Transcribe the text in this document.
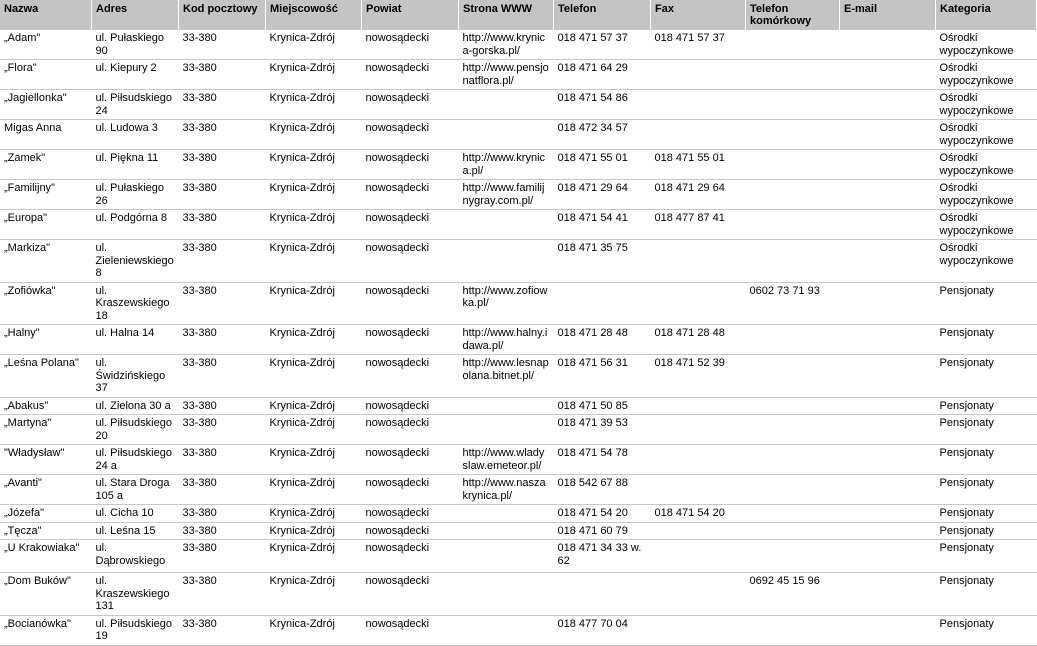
Nazwa	Adres	Kod pocztowy	Miejscowość	Powiat	Strona WWW	Telefon	Fax	Telefon komórkowy	E-mail	Kategoria
„Adam"	ul. Pułaskiego 90	33-380	Krynica-Zdrój	nowosądecki	http://www.krynica-gorska.pl/	018 471 57 37	018 471 57 37			Ośrodki wypoczynkowe
„Flora"	ul. Kiepury 2	33-380	Krynica-Zdrój	nowosądecki	http://www.pensjonatflora.pl/	018 471 64 29				Ośrodki wypoczynkowe
„Jagiellonka"	ul. Piłsudskiego 24	33-380	Krynica-Zdrój	nowosądecki		018 471 54 86				Ośrodki wypoczynkowe
Migas Anna	ul. Ludowa 3	33-380	Krynica-Zdrój	nowosądecki		018 472 34 57				Ośrodki wypoczynkowe
„Zamek"	ul. Piękna 11	33-380	Krynica-Zdrój	nowosądecki	http://www.krynica.pl/	018 471 55 01	018 471 55 01			Ośrodki wypoczynkowe
„Familijny"	ul. Pułaskiego 26	33-380	Krynica-Zdrój	nowosądecki	http://www.familijnygray.com.pl/	018 471 29 64	018 471 29 64			Ośrodki wypoczynkowe
„Europa"	ul. Podgórna 8	33-380	Krynica-Zdrój	nowosądecki		018 471 54 41	018 477 87 41			Ośrodki wypoczynkowe
„Markiza"	ul. Zieleniewskiego 8	33-380	Krynica-Zdrój	nowosądecki		018 471 35 75				Ośrodki wypoczynkowe
„Zofiówka"	ul. Kraszewskiego 18	33-380	Krynica-Zdrój	nowosądecki	http://www.zofiowka.pl/			0602 73 71 93		Pensjonaty
„Halny"	ul. Halna 14	33-380	Krynica-Zdrój	nowosądecki	http://www.halny.idawa.pl/	018 471 28 48	018 471 28 48			Pensjonaty
„Leśna Polana"	ul. Świdzińskiego 37	33-380	Krynica-Zdrój	nowosądecki	http://www.lesnapolana.bitnet.pl/	018 471 56 31	018 471 52 39			Pensjonaty
„Abakus"	ul. Zielona 30 a	33-380	Krynica-Zdrój	nowosądecki		018 471 50 85				Pensjonaty
„Martyna"	ul. Piłsudskiego 20	33-380	Krynica-Zdrój	nowosądecki		018 471 39 53				Pensjonaty
"Władysław"	ul. Piłsudskiego 24 a	33-380	Krynica-Zdrój	nowosądecki	http://www.wladyslaw.emeteor.pl/	018 471 54 78				Pensjonaty
„Avanti"	ul. Stara Droga 105 a	33-380	Krynica-Zdrój	nowosądecki	http://www.naszakrynica.pl/	018 542 67 88				Pensjonaty
„Józefa"	ul. Cicha 10	33-380	Krynica-Zdrój	nowosądecki		018 471 54 20	018 471 54 20			Pensjonaty
„Tęcza"	ul. Leśna 15	33-380	Krynica-Zdrój	nowosądecki		018 471 60 79				Pensjonaty
„U Krakowiaka"	ul. Dąbrowskiego	33-380	Krynica-Zdrój	nowosądecki		018 471 34 33 w. 62				Pensjonaty
„Dom Buków"	ul. Kraszewskiego 131	33-380	Krynica-Zdrój	nowosądecki				0692 45 15 96		Pensjonaty
„Bocianówka"	ul. Piłsudskiego 19	33-380	Krynica-Zdrój	nowosądecki		018 477 70 04				Pensjonaty
